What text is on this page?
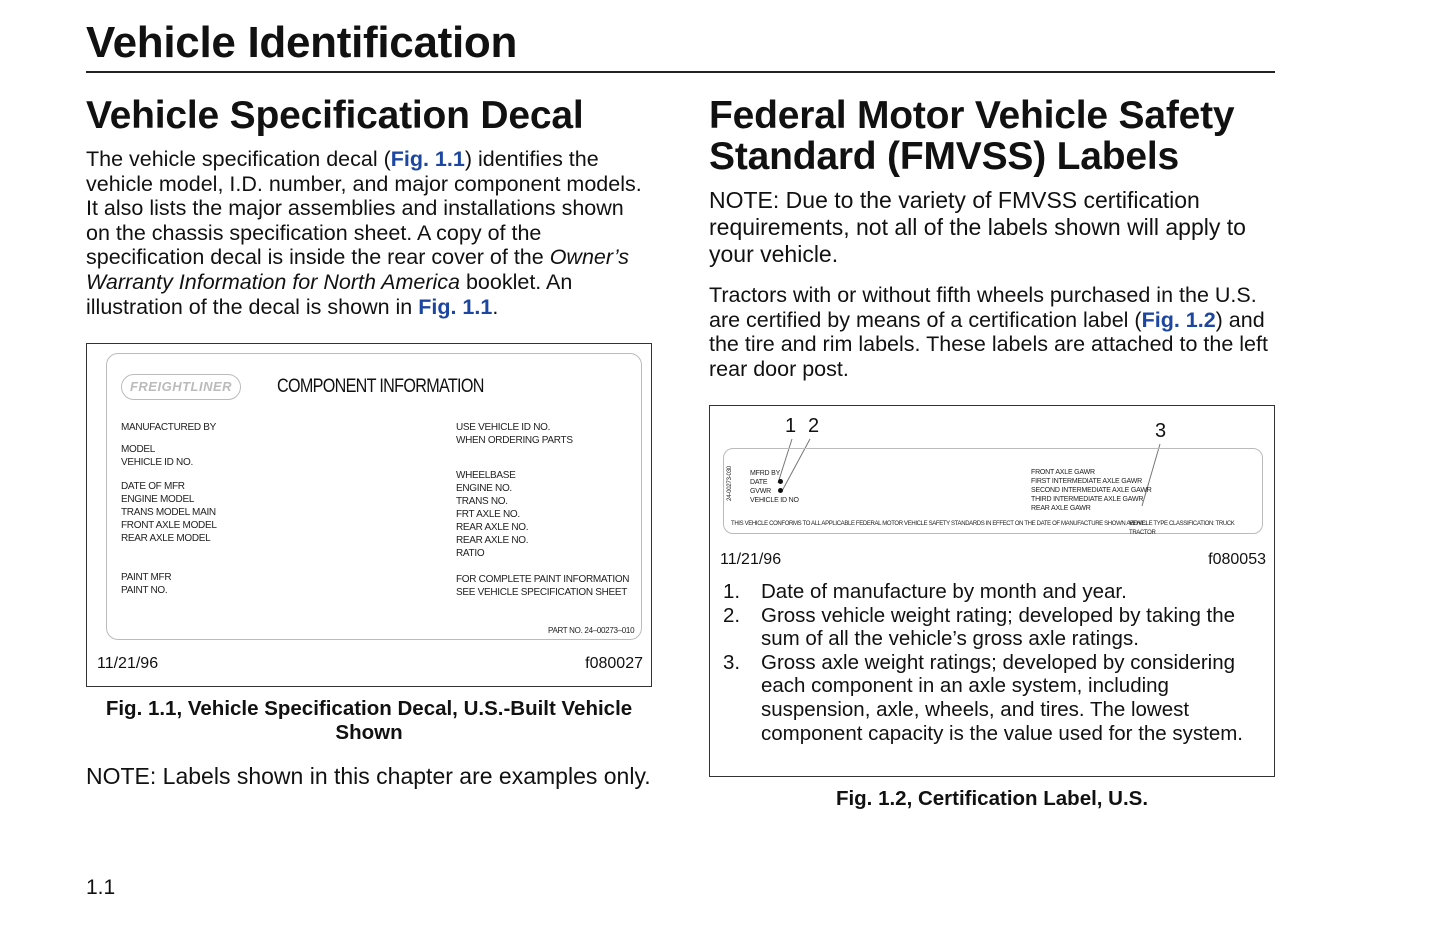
Vehicle Identification
Vehicle Specification Decal

The vehicle specification decal (Fig. 1.1) identifies the vehicle model, I.D. number, and major component models. It also lists the major assemblies and installations shown on the chassis specification sheet. A copy of the specification decal is inside the rear cover of the Owner’s Warranty Information for North America booklet. An illustration of the decal is shown in Fig. 1.1.

FREIGHTLINER	COMPONENT INFORMATION
MANUFACTURED BY
MODEL
VEHICLE ID NO.
DATE OF MFR
ENGINE MODEL
TRANS MODEL MAIN
FRONT AXLE MODEL
REAR AXLE MODEL
PAINT MFR
PAINT NO.
USE VEHICLE ID NO.
WHEN ORDERING PARTS
WHEELBASE
ENGINE NO.
TRANS NO.
FRT AXLE NO.
REAR AXLE NO.
REAR AXLE NO.
RATIO
FOR COMPLETE PAINT INFORMATION
SEE VEHICLE SPECIFICATION SHEET
PART NO. 24–00273–010
11/21/96	f080027
Fig. 1.1, Vehicle Specification Decal, U.S.-Built Vehicle Shown

NOTE: Labels shown in this chapter are examples only.

Federal Motor Vehicle Safety
Standard (FMVSS) Labels

NOTE: Due to the variety of FMVSS certification requirements, not all of the labels shown will apply to your vehicle.

Tractors with or without fifth wheels purchased in the U.S. are certified by means of a certification label (Fig. 1.2) and the tire and rim labels. These labels are attached to the left rear door post.

1 2	3
24-00273-030 MFRD BY
DATE
GVWR
VEHICLE ID NO
FRONT AXLE GAWR
FIRST INTERMEDIATE AXLE GAWR
SECOND INTERMEDIATE AXLE GAWR
THIRD INTERMEDIATE AXLE GAWR
REAR AXLE GAWR
THIS VEHICLE CONFORMS TO ALL APPLICABLE FEDERAL MOTOR VEHICLE SAFETY STANDARDS IN EFFECT ON THE DATE OF MANUFACTURE SHOWN ABOVE.
VEHICLE TYPE CLASSIFICATION: TRUCK TRACTOR
11/21/96	f080053
1. Date of manufacture by month and year.
2. Gross vehicle weight rating; developed by taking the sum of all the vehicle’s gross axle ratings.
3. Gross axle weight ratings; developed by considering each component in an axle system, including suspension, axle, wheels, and tires. The lowest component capacity is the value used for the system.
Fig. 1.2, Certification Label, U.S.
1.1
